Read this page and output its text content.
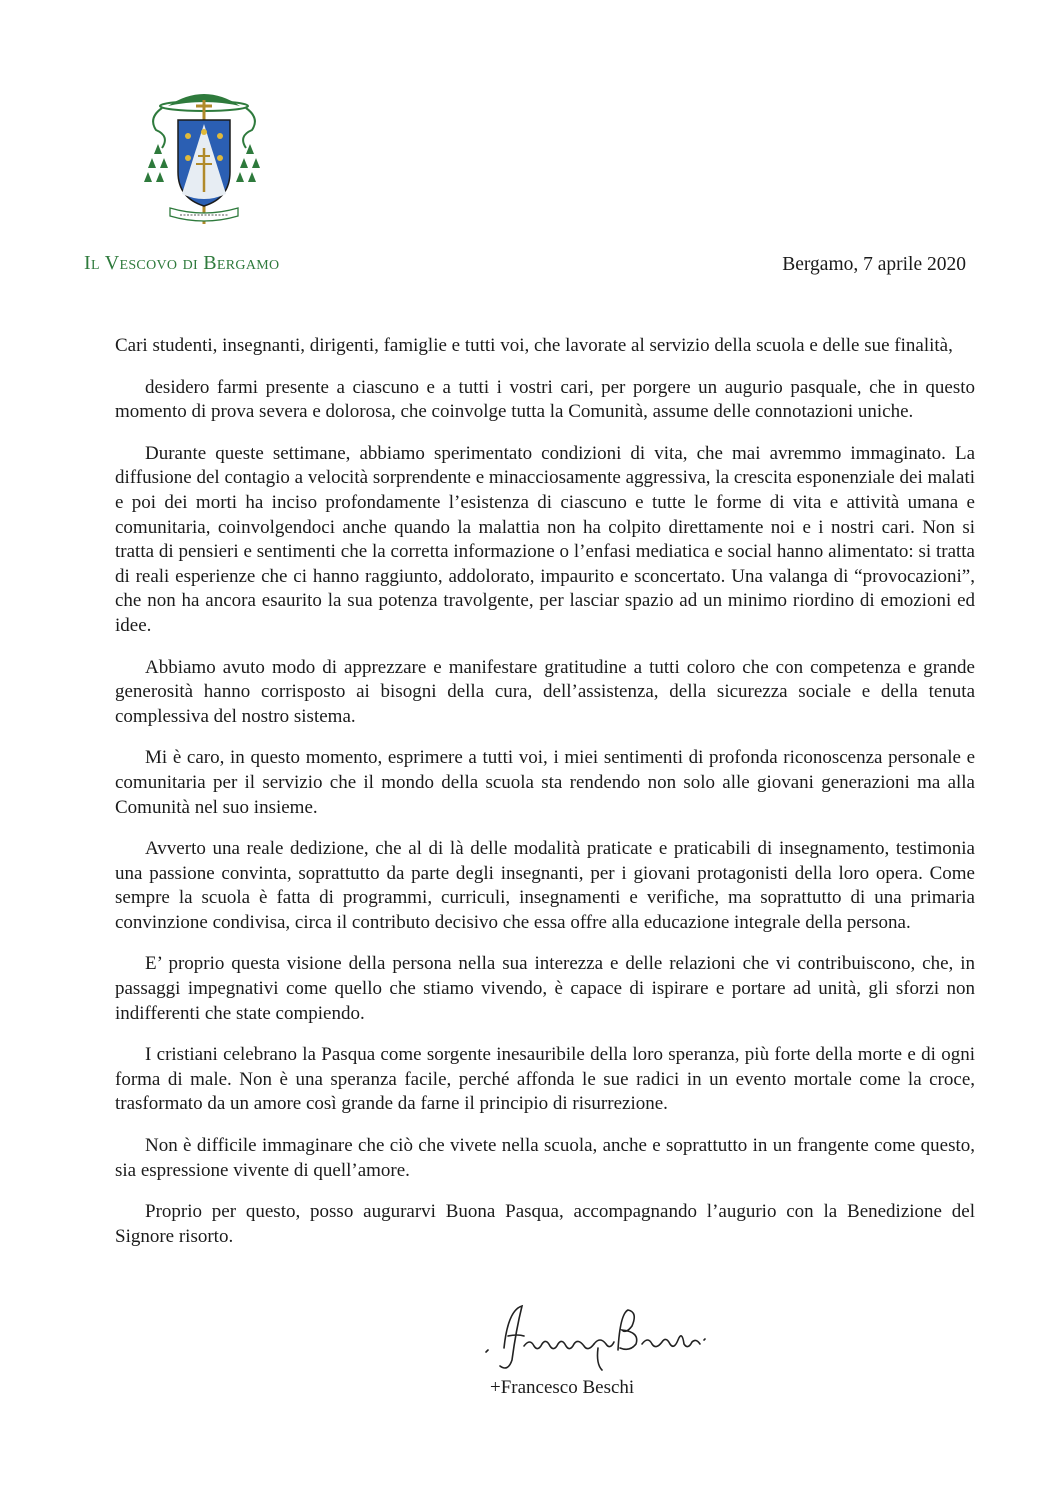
Il Vescovo di Bergamo	Bergamo, 7 aprile 2020

Cari studenti, insegnanti, dirigenti, famiglie e tutti voi, che lavorate al servizio della scuola e delle sue finalità,

desidero farmi presente a ciascuno e a tutti i vostri cari, per porgere un augurio pasquale, che in questo momento di prova severa e dolorosa, che coinvolge tutta la Comunità, assume delle connotazioni uniche.

Durante queste settimane, abbiamo sperimentato condizioni di vita, che mai avremmo immaginato. La diffusione del contagio a velocità sorprendente e minacciosamente aggressiva, la crescita esponenziale dei malati e poi dei morti ha inciso profondamente l’esistenza di ciascuno e tutte le forme di vita e attività umana e comunitaria, coinvolgendoci anche quando la malattia non ha colpito direttamente noi e i nostri cari. Non si tratta di pensieri e sentimenti che la corretta informazione o l’enfasi mediatica e social hanno alimentato: si tratta di reali esperienze che ci hanno raggiunto, addolorato, impaurito e sconcertato. Una valanga di “provocazioni”, che non ha ancora esaurito la sua potenza travolgente, per lasciar spazio ad un minimo riordino di emozioni ed idee.

Abbiamo avuto modo di apprezzare e manifestare gratitudine a tutti coloro che con competenza e grande generosità hanno corrisposto ai bisogni della cura, dell’assistenza, della sicurezza sociale e della tenuta complessiva del nostro sistema.

Mi è caro, in questo momento, esprimere a tutti voi, i miei sentimenti di profonda riconoscenza personale e comunitaria per il servizio che il mondo della scuola sta rendendo non solo alle giovani generazioni ma alla Comunità nel suo insieme.

Avverto una reale dedizione, che al di là delle modalità praticate e praticabili di insegnamento, testimonia una passione convinta, soprattutto da parte degli insegnanti, per i giovani protagonisti della loro opera. Come sempre la scuola è fatta di programmi, curriculi, insegnamenti e verifiche, ma soprattutto di una primaria convinzione condivisa, circa il contributo decisivo che essa offre alla educazione integrale della persona.

E’ proprio questa visione della persona nella sua interezza e delle relazioni che vi contribuiscono, che, in passaggi impegnativi come quello che stiamo vivendo, è capace di ispirare e portare ad unità, gli sforzi non indifferenti che state compiendo.

I cristiani celebrano la Pasqua come sorgente inesauribile della loro speranza, più forte della morte e di ogni forma di male. Non è una speranza facile, perché affonda le sue radici in un evento mortale come la croce, trasformato da un amore così grande da farne il principio di risurrezione.

Non è difficile immaginare che ciò che vivete nella scuola, anche e soprattutto in un frangente come questo, sia espressione vivente di quell’amore.

Proprio per questo, posso augurarvi Buona Pasqua, accompagnando l’augurio con la Benedizione del Signore risorto.

+Francesco Beschi
